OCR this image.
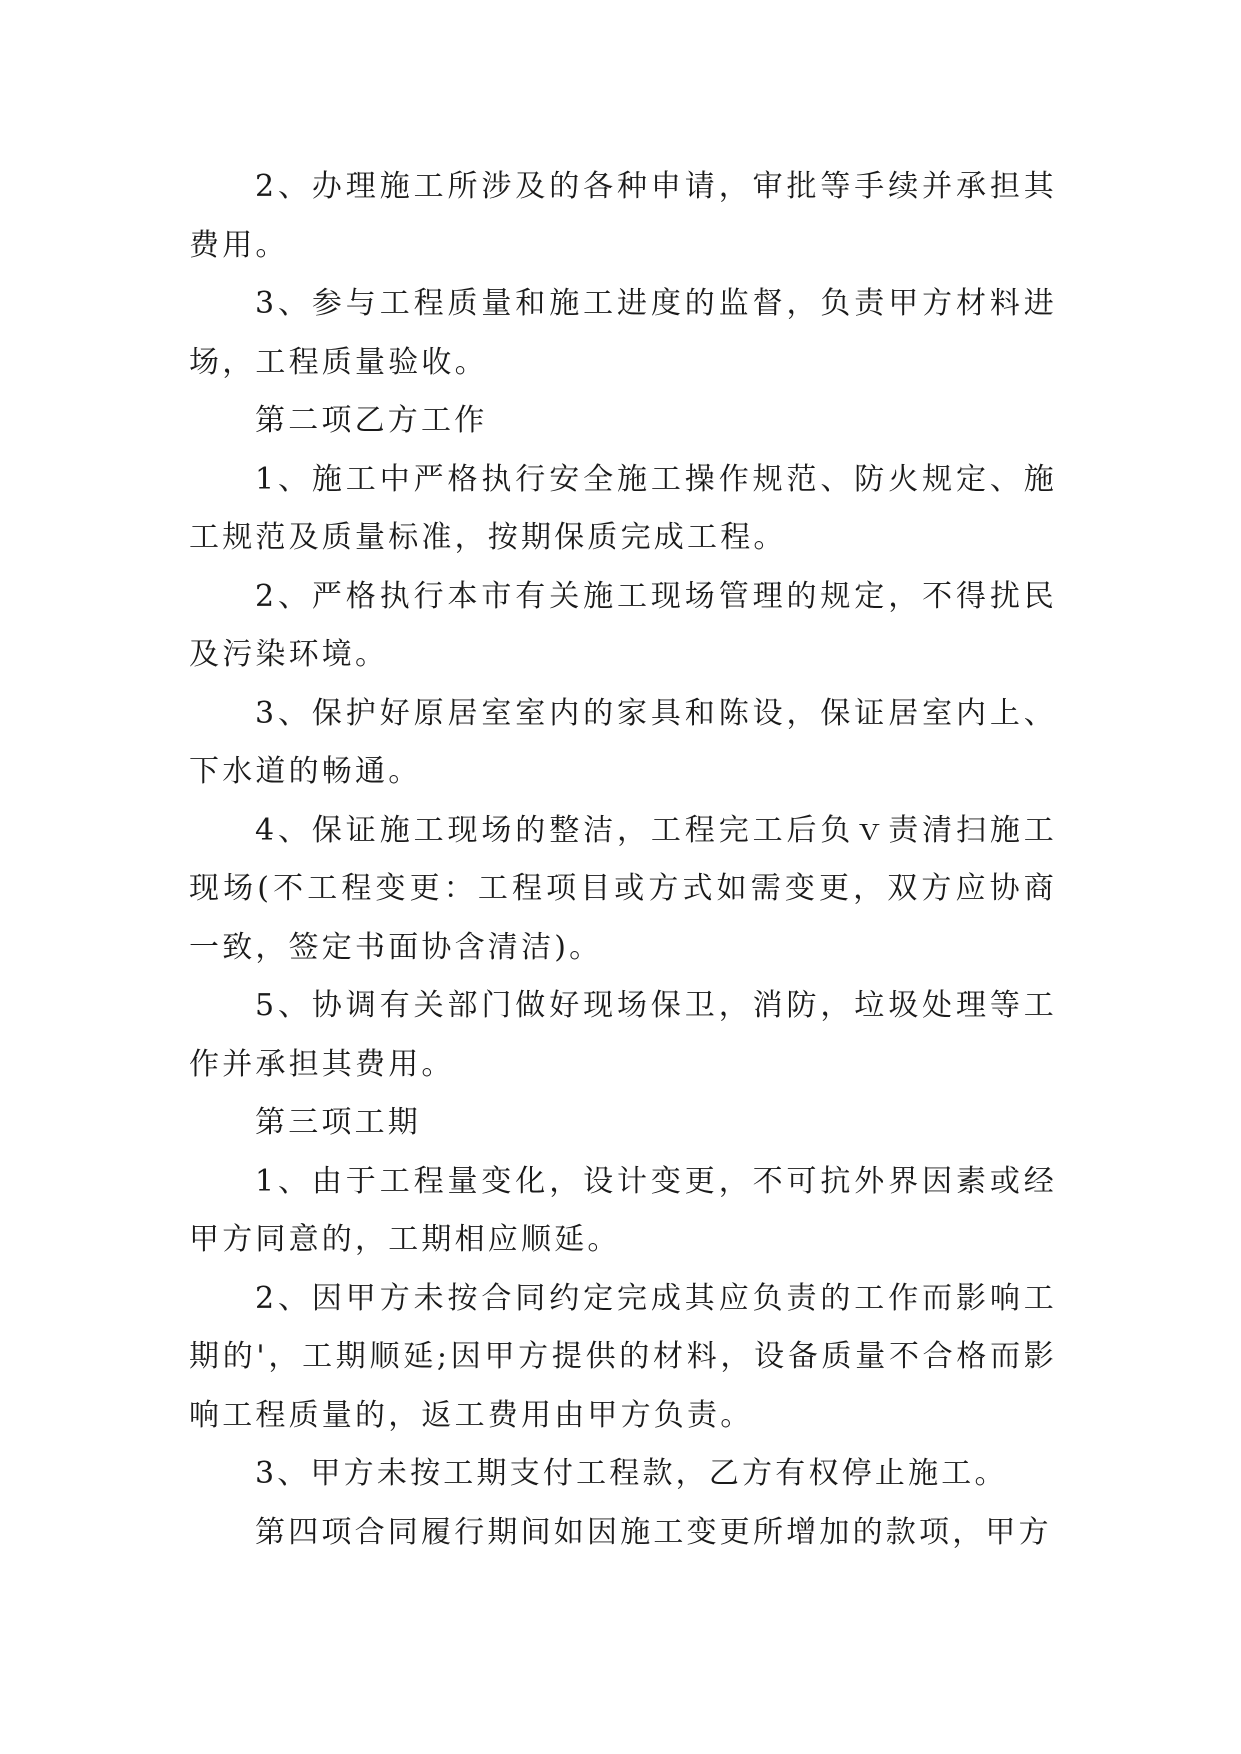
2、办理施工所涉及的各种申请，审批等手续并承担其费用。

3、参与工程质量和施工进度的监督，负责甲方材料进场，工程质量验收。

第二项乙方工作

1、施工中严格执行安全施工操作规范、防火规定、施工规范及质量标准，按期保质完成工程。

2、严格执行本市有关施工现场管理的规定，不得扰民及污染环境。

3、保护好原居室室内的家具和陈设，保证居室内上、下水道的畅通。

4、保证施工现场的整洁，工程完工后负ｖ责清扫施工现场(不工程变更：工程项目或方式如需变更，双方应协商一致，签定书面协含清洁)。

5、协调有关部门做好现场保卫，消防，垃圾处理等工作并承担其费用。

第三项工期

1、由于工程量变化，设计变更，不可抗外界因素或经甲方同意的，工期相应顺延。

2、因甲方未按合同约定完成其应负责的工作而影响工期的'，工期顺延;因甲方提供的材料，设备质量不合格而影响工程质量的，返工费用由甲方负责。

3、甲方未按工期支付工程款，乙方有权停止施工。

第四项合同履行期间如因施工变更所增加的款项，甲方
